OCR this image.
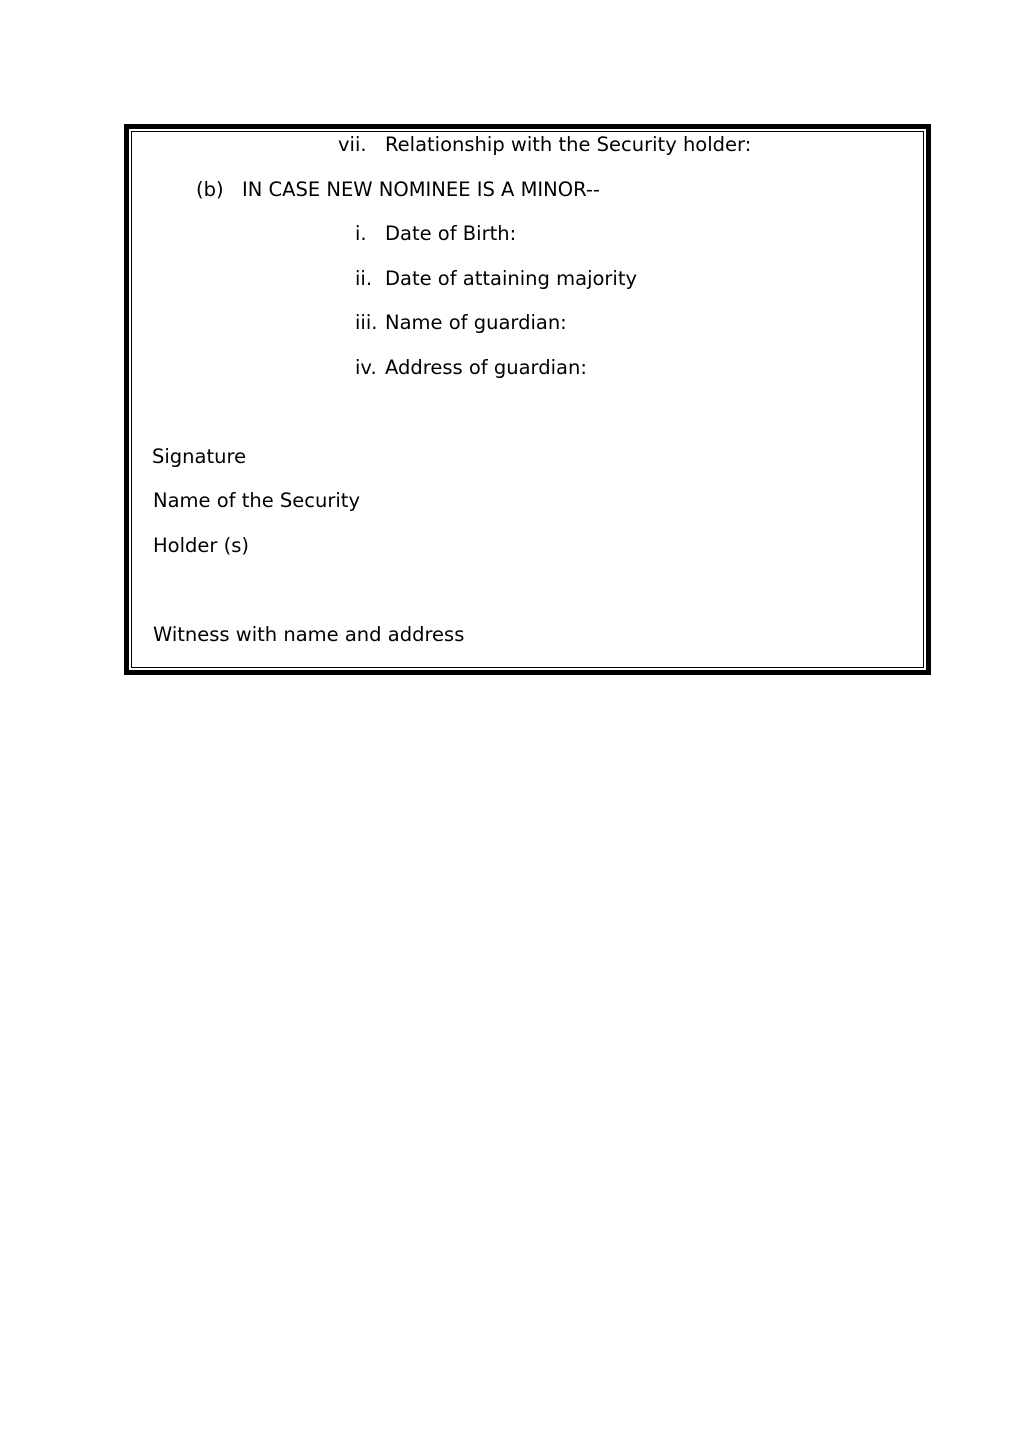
vii. Relationship with the Security holder:
(b) IN CASE NEW NOMINEE IS A MINOR--
i. Date of Birth:
ii. Date of attaining majority
iii. Name of guardian:
iv. Address of guardian:
Signature
Name of the Security
Holder (s)
Witness with name and address
